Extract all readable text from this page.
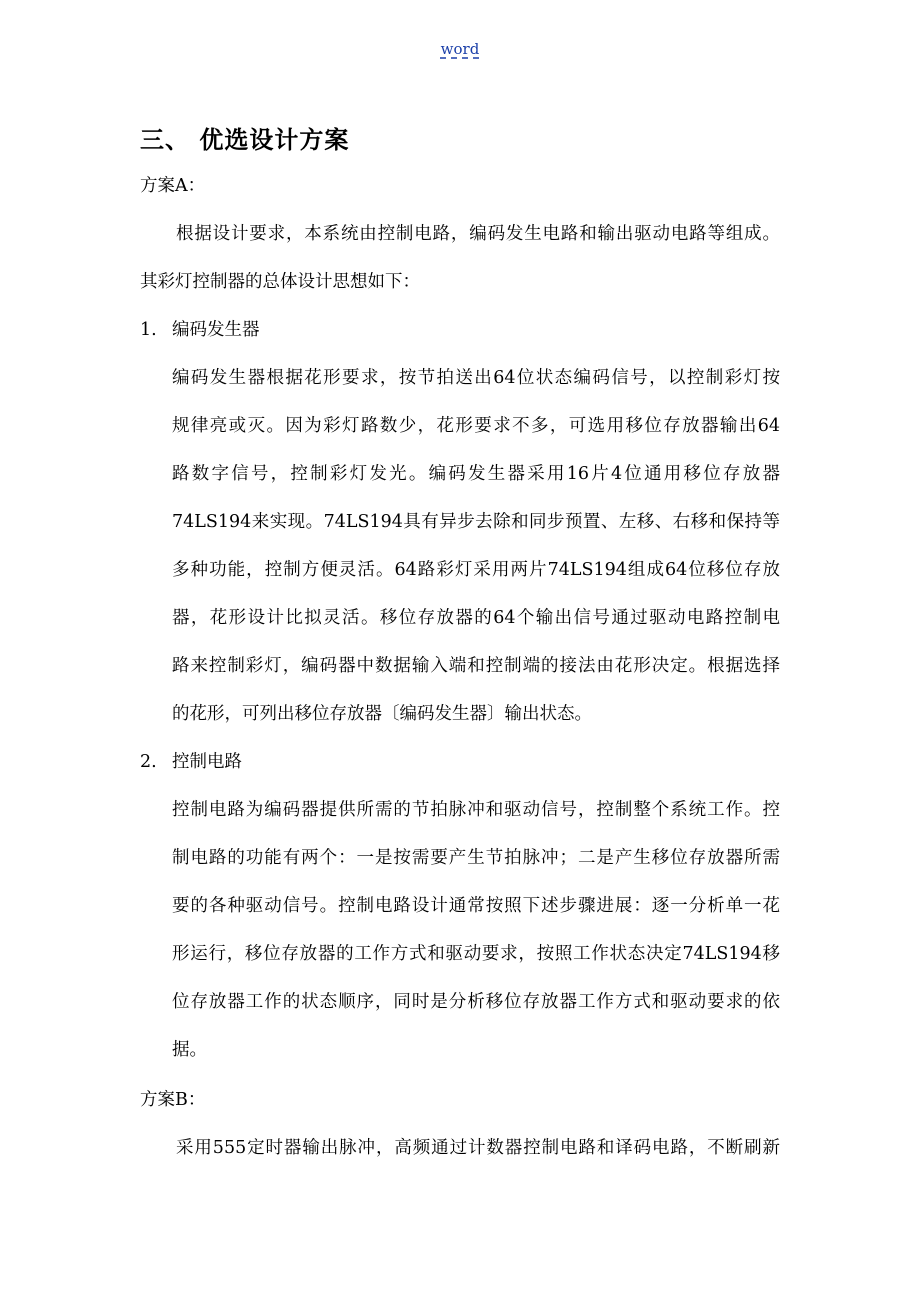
word
三、 优选设计方案
方案A：
根据设计要求，本系统由控制电路，编码发生电路和输出驱动电路等组成。
其彩灯控制器的总体设计思想如下：
1. 编码发生器
编码发生器根据花形要求，按节拍送出64位状态编码信号，以控制彩灯按
规律亮或灭。因为彩灯路数少，花形要求不多，可选用移位存放器输出64
路数字信号，控制彩灯发光。编码发生器采用16片4位通用移位存放器
74LS194来实现。74LS194具有异步去除和同步预置、左移、右移和保持等
多种功能，控制方便灵活。64路彩灯采用两片74LS194组成64位移位存放
器，花形设计比拟灵活。移位存放器的64个输出信号通过驱动电路控制电
路来控制彩灯，编码器中数据输入端和控制端的接法由花形决定。根据选择
的花形，可列出移位存放器〔编码发生器〕输出状态。
2. 控制电路
控制电路为编码器提供所需的节拍脉冲和驱动信号，控制整个系统工作。控
制电路的功能有两个：一是按需要产生节拍脉冲；二是产生移位存放器所需
要的各种驱动信号。控制电路设计通常按照下述步骤进展：逐一分析单一花
形运行，移位存放器的工作方式和驱动要求，按照工作状态决定74LS194移
位存放器工作的状态顺序，同时是分析移位存放器工作方式和驱动要求的依
据。
方案B：
采用555定时器输出脉冲，高频通过计数器控制电路和译码电路，不断刷新
